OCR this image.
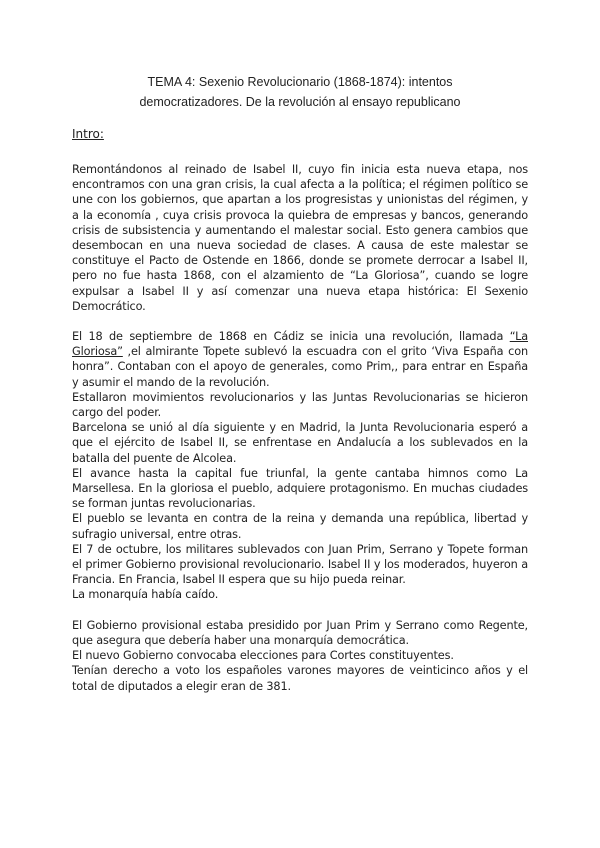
TEMA 4: Sexenio Revolucionario (1868-1874): intentos
democratizadores. De la revolución al ensayo republicano
Intro:

Remontándonos al reinado de Isabel II, cuyo fin inicia esta nueva etapa, nos encontramos con una gran crisis, la cual afecta a la política; el régimen político se une con los gobiernos, que apartan a los progresistas y unionistas del régimen, y a la economía , cuya crisis provoca la quiebra de empresas y bancos, generando crisis de subsistencia y aumentando el malestar social. Esto genera cambios que desembocan en una nueva sociedad de clases. A causa de este malestar se constituye el Pacto de Ostende en 1866, donde se promete derrocar a Isabel II, pero no fue hasta 1868, con el alzamiento de “La Gloriosa”, cuando se logre expulsar a Isabel II y así comenzar una nueva etapa histórica: El Sexenio Democrático.

El 18 de septiembre de 1868 en Cádiz se inicia una revolución, llamada “La Gloriosa” ,el almirante Topete sublevó la escuadra con el grito ‘Viva España con honra”. Contaban con el apoyo de generales, como Prim,, para entrar en España y asumir el mando de la revolución.

Estallaron movimientos revolucionarios y las Juntas Revolucionarias se hicieron cargo del poder.

Barcelona se unió al día siguiente y en Madrid, la Junta Revolucionaria esperó a que el ejército de Isabel II, se enfrentase en Andalucía a los sublevados en la batalla del puente de Alcolea.

El avance hasta la capital fue triunfal, la gente cantaba himnos como La Marsellesa. En la gloriosa el pueblo, adquiere protagonismo. En muchas ciudades se forman juntas revolucionarias.

El pueblo se levanta en contra de la reina y demanda una república, libertad y sufragio universal, entre otras.

El 7 de octubre, los militares sublevados con Juan Prim, Serrano y Topete forman el primer Gobierno provisional revolucionario. Isabel II y los moderados, huyeron a Francia. En Francia, Isabel II espera que su hijo pueda reinar.

La monarquía había caído.

El Gobierno provisional estaba presidido por Juan Prim y Serrano como Regente, que asegura que debería haber una monarquía democrática.

El nuevo Gobierno convocaba elecciones para Cortes constituyentes.

Tenían derecho a voto los españoles varones mayores de veinticinco años y el total de diputados a elegir eran de 381.
